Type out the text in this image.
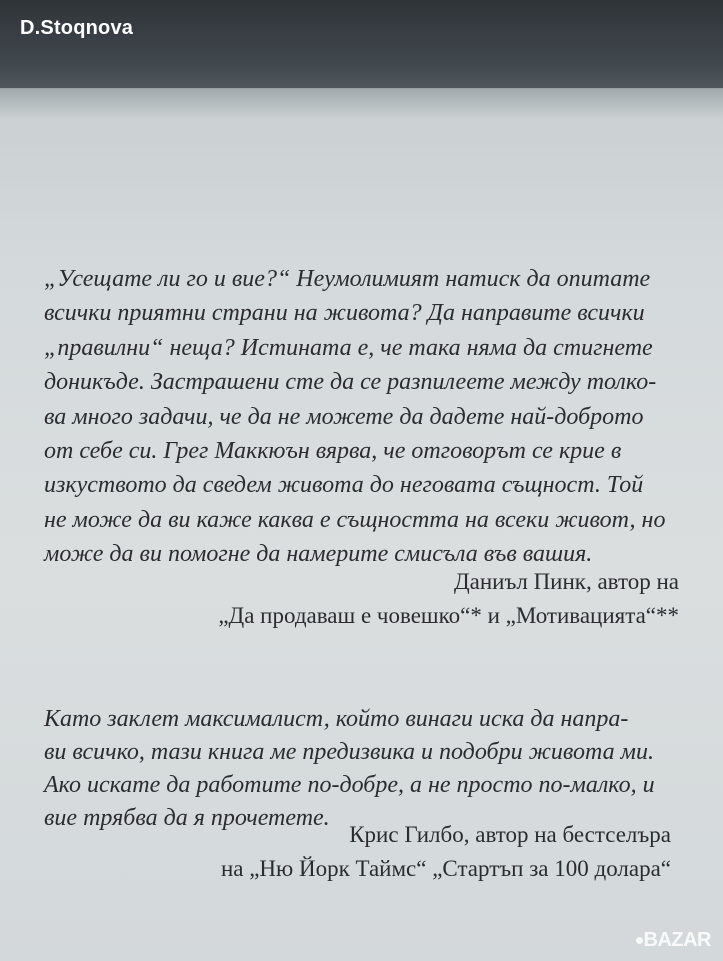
D.Stoqnova

„Усещате ли го и вие?“ Неумолимият натиск да опитате
всички приятни страни на живота? Да направите всички
„правилни“ неща? Истината е, че така няма да стигнете
доникъде. Застрашени сте да се разпилеете между толко-
ва много задачи, че да не можете да дадете най-доброто
от себе си. Грег Маккюън вярва, че отговорът се крие в
изкуството да сведем живота до неговата същност. Той
не може да ви каже каква е същността на всеки живот, но
може да ви помогне да намерите смисъла във вашия.

Даниъл Пинк, автор на
„Да продаваш е човешко“* и „Мотивацията“**

Като заклет максималист, който винаги иска да напра-
ви всичко, тази книга ме предизвика и подобри живота ми.
Ако искате да работите по-добре, а не просто по-малко, и
вие трябва да я прочетете.

Крис Гилбо, автор на бестселъра
на „Ню Йорк Таймс“ „Стартъп за 100 долара“
BAZAR
